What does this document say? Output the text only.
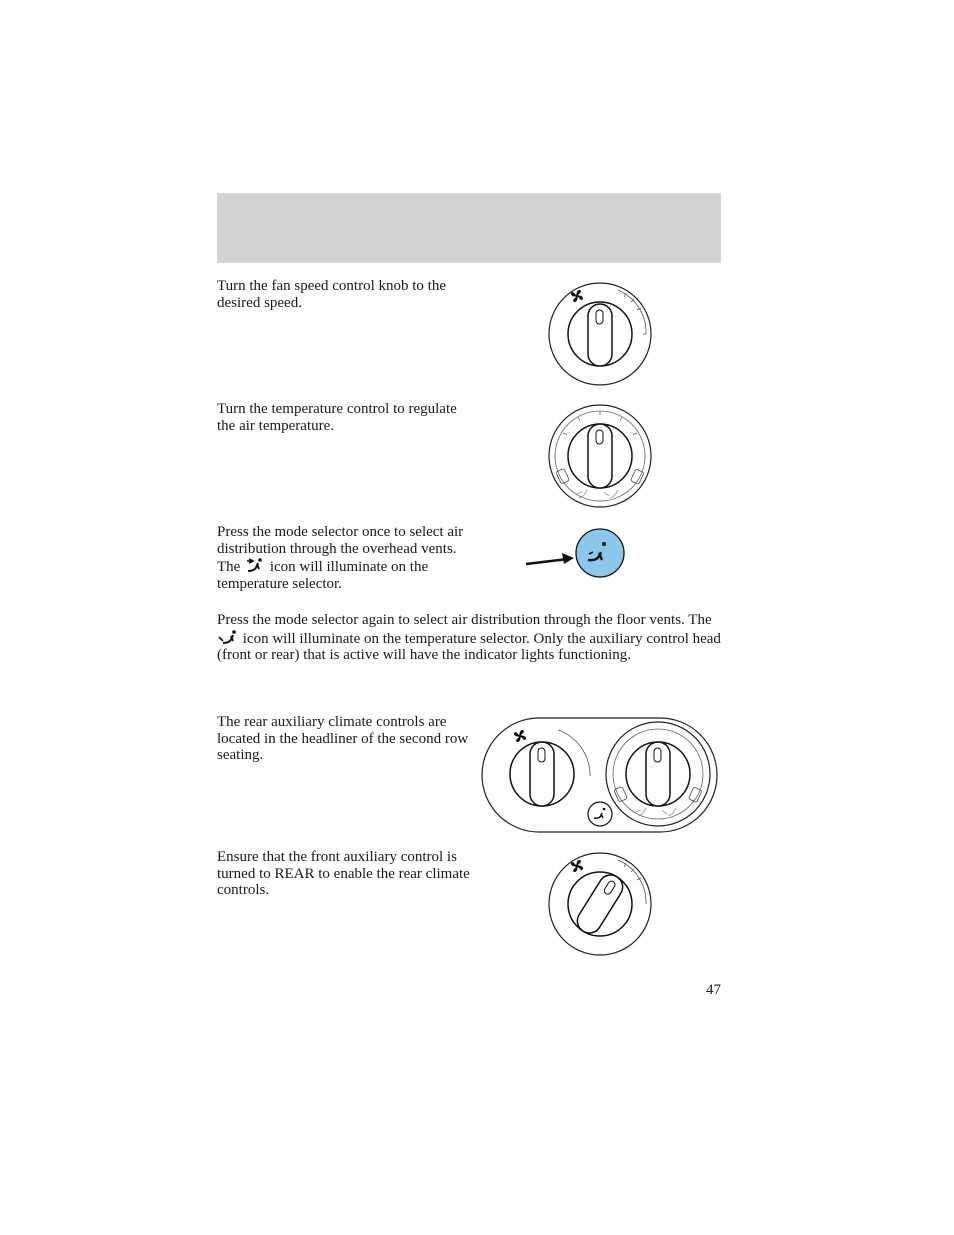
Turn the fan speed control knob to the desired speed.

Turn the temperature control to regulate the air temperature.

Press the mode selector once to select air distribution through the overhead vents. The icon will illuminate on the temperature selector.

Press the mode selector again to select air distribution through the floor vents. The  icon will illuminate on the temperature selector. Only the auxiliary control head (front or rear) that is active will have the indicator lights functioning.

The rear auxiliary climate controls are located in the headliner of the second row seating.

Ensure that the front auxiliary control is turned to REAR to enable the rear climate controls.

47
